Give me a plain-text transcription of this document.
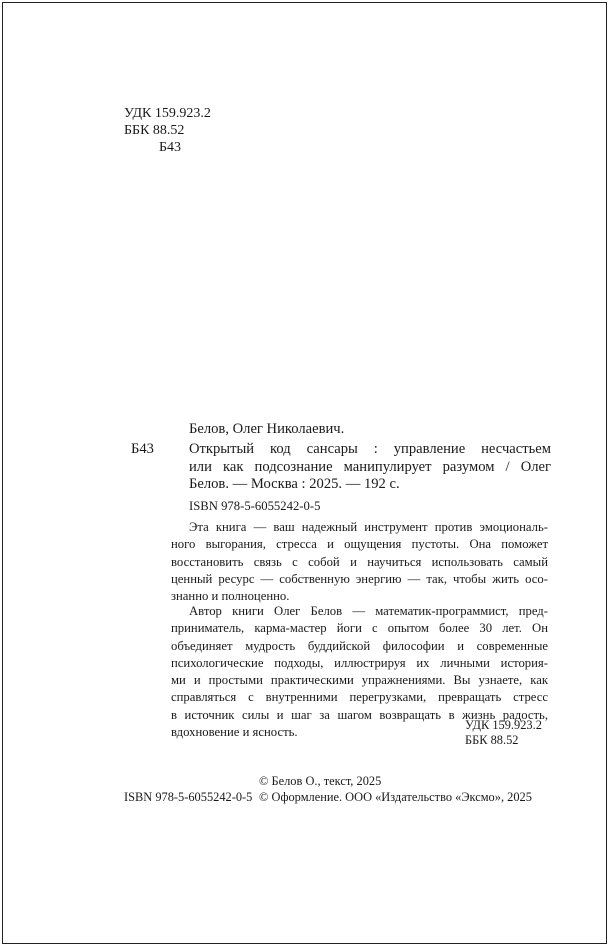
УДК 159.923.2
ББК 88.52
Б43
Белов, Олег Николаевич.
Б43 Открытый код сансары : управление несчастьем
или как подсознание манипулирует разумом / Олег
Белов. — Москва : 2025. — 192 с.
ISBN 978-5-6055242-0-5
Эта книга — ваш надежный инструмент против эмоциональ-
ного выгорания, стресса и ощущения пустоты. Она поможет
восстановить связь с собой и научиться использовать самый
ценный ресурс — собственную энергию — так, чтобы жить осо-
знанно и полноценно.
Автор книги Олег Белов — математик-программист, пред-
приниматель, карма-мастер йоги с опытом более 30 лет. Он
объединяет мудрость буддийской философии и современные
психологические подходы, иллюстрируя их личными история-
ми и простыми практическими упражнениями. Вы узнаете, как
справляться с внутренними перегрузками, превращать стресс
в источник силы и шаг за шагом возвращать в жизнь радость,
вдохновение и ясность.
УДК 159.923.2
ББК 88.52
© Белов О., текст, 2025
ISBN 978-5-6055242-0-5 © Оформление. ООО «Издательство «Эксмо», 2025
